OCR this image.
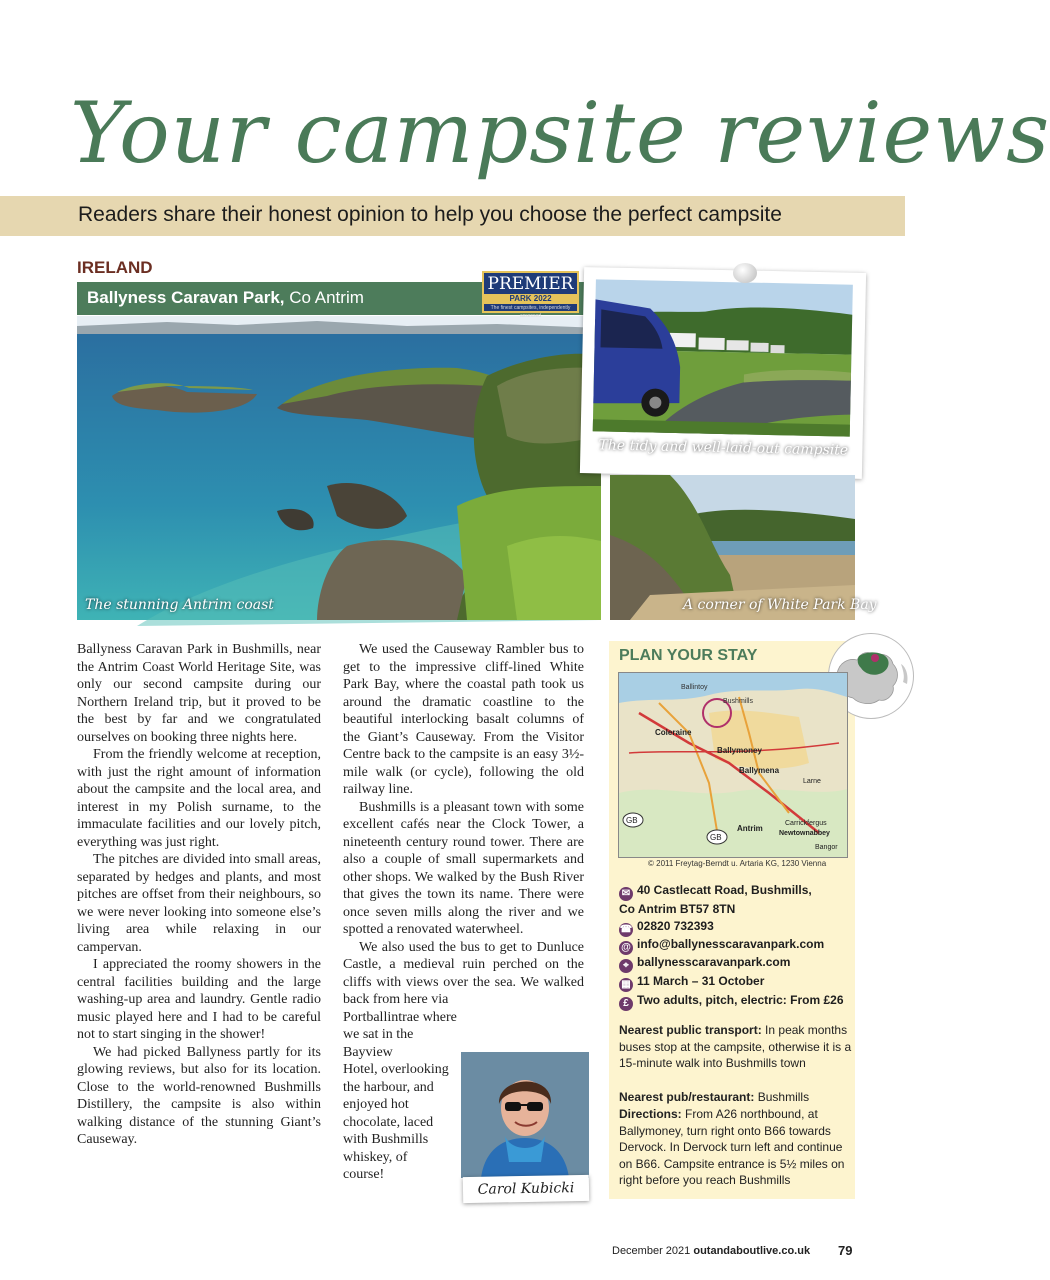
Your campsite reviews
Readers share their honest opinion to help you choose the perfect campsite
IRELAND
Ballyness Caravan Park, Co Antrim
The stunning Antrim coast
PREMIER
PARK 2022
The finest campsites, independently assessed
The tidy and well-laid-out campsite
A corner of White Park Bay

Ballyness Caravan Park in Bushmills, near the Antrim Coast World Heritage Site, was only our second campsite during our Northern Ireland trip, but it proved to be the best by far and we congratulated ourselves on booking three nights here.

From the friendly welcome at reception, with just the right amount of information about the campsite and the local area, and interest in my Polish surname, to the immaculate facilities and our lovely pitch, everything was just right.

The pitches are divided into small areas, separated by hedges and plants, and most pitches are offset from their neighbours, so we were never looking into someone else’s living area while relaxing in our campervan.

I appreciated the roomy showers in the central facilities building and the large washing-up area and laundry. Gentle radio music played here and I had to be careful not to start singing in the shower!

We had picked Ballyness partly for its glowing reviews, but also for its location. Close to the world-renowned Bushmills Distillery, the campsite is also within walking distance of the stunning Giant’s Causeway.

We used the Causeway Rambler bus to get to the impressive cliff-lined White Park Bay, where the coastal path took us around the dramatic coastline to the beautiful interlocking basalt columns of the Giant’s Causeway. From the Visitor Centre back to the campsite is an easy 3½-mile walk (or cycle), following the old railway line.

Bushmills is a pleasant town with some excellent cafés near the Clock Tower, a nineteenth century round tower. There are also a couple of small supermarkets and other shops. We walked by the Bush River that gives the town its name. There were once seven mills along the river and we spotted a renovated waterwheel.

We also used the bus to get to Dunluce Castle, a medieval ruin perched on the cliffs with views over the sea. We walked back from here via

Portballintrae where
we sat in the Bayview
Hotel, overlooking
the harbour, and
enjoyed hot
chocolate, laced
with Bushmills
whiskey, of
course!
Carol Kubicki
PLAN YOUR STAY
Ballintoy
Bushmills
Coleraine
Ballymoney
Ballymena
Antrim
Larne
Carrickfergus
Newtownabbey
GB
GB
Bangor
© 2011 Freytag-Berndt u. Artaria KG, 1230 Vienna
✉ 40 Castlecatt Road, Bushmills,
Co Antrim BT57 8TN
☎ 02820 732393
@ info@ballynesscaravanpark.com
⌖ ballynesscaravanpark.com
▦ 11 March – 31 October
£ Two adults, pitch, electric: From £26
Nearest public transport: In peak months buses stop at the campsite, otherwise it is a 15-minute walk into Bushmills town
Nearest pub/restaurant: Bushmills
Directions: From A26 northbound, at Ballymoney, turn right onto B66 towards Dervock. In Dervock turn left and continue on B66. Campsite entrance is 5½ miles on right before you reach Bushmills
December 2021 outandaboutlive.co.uk 79
